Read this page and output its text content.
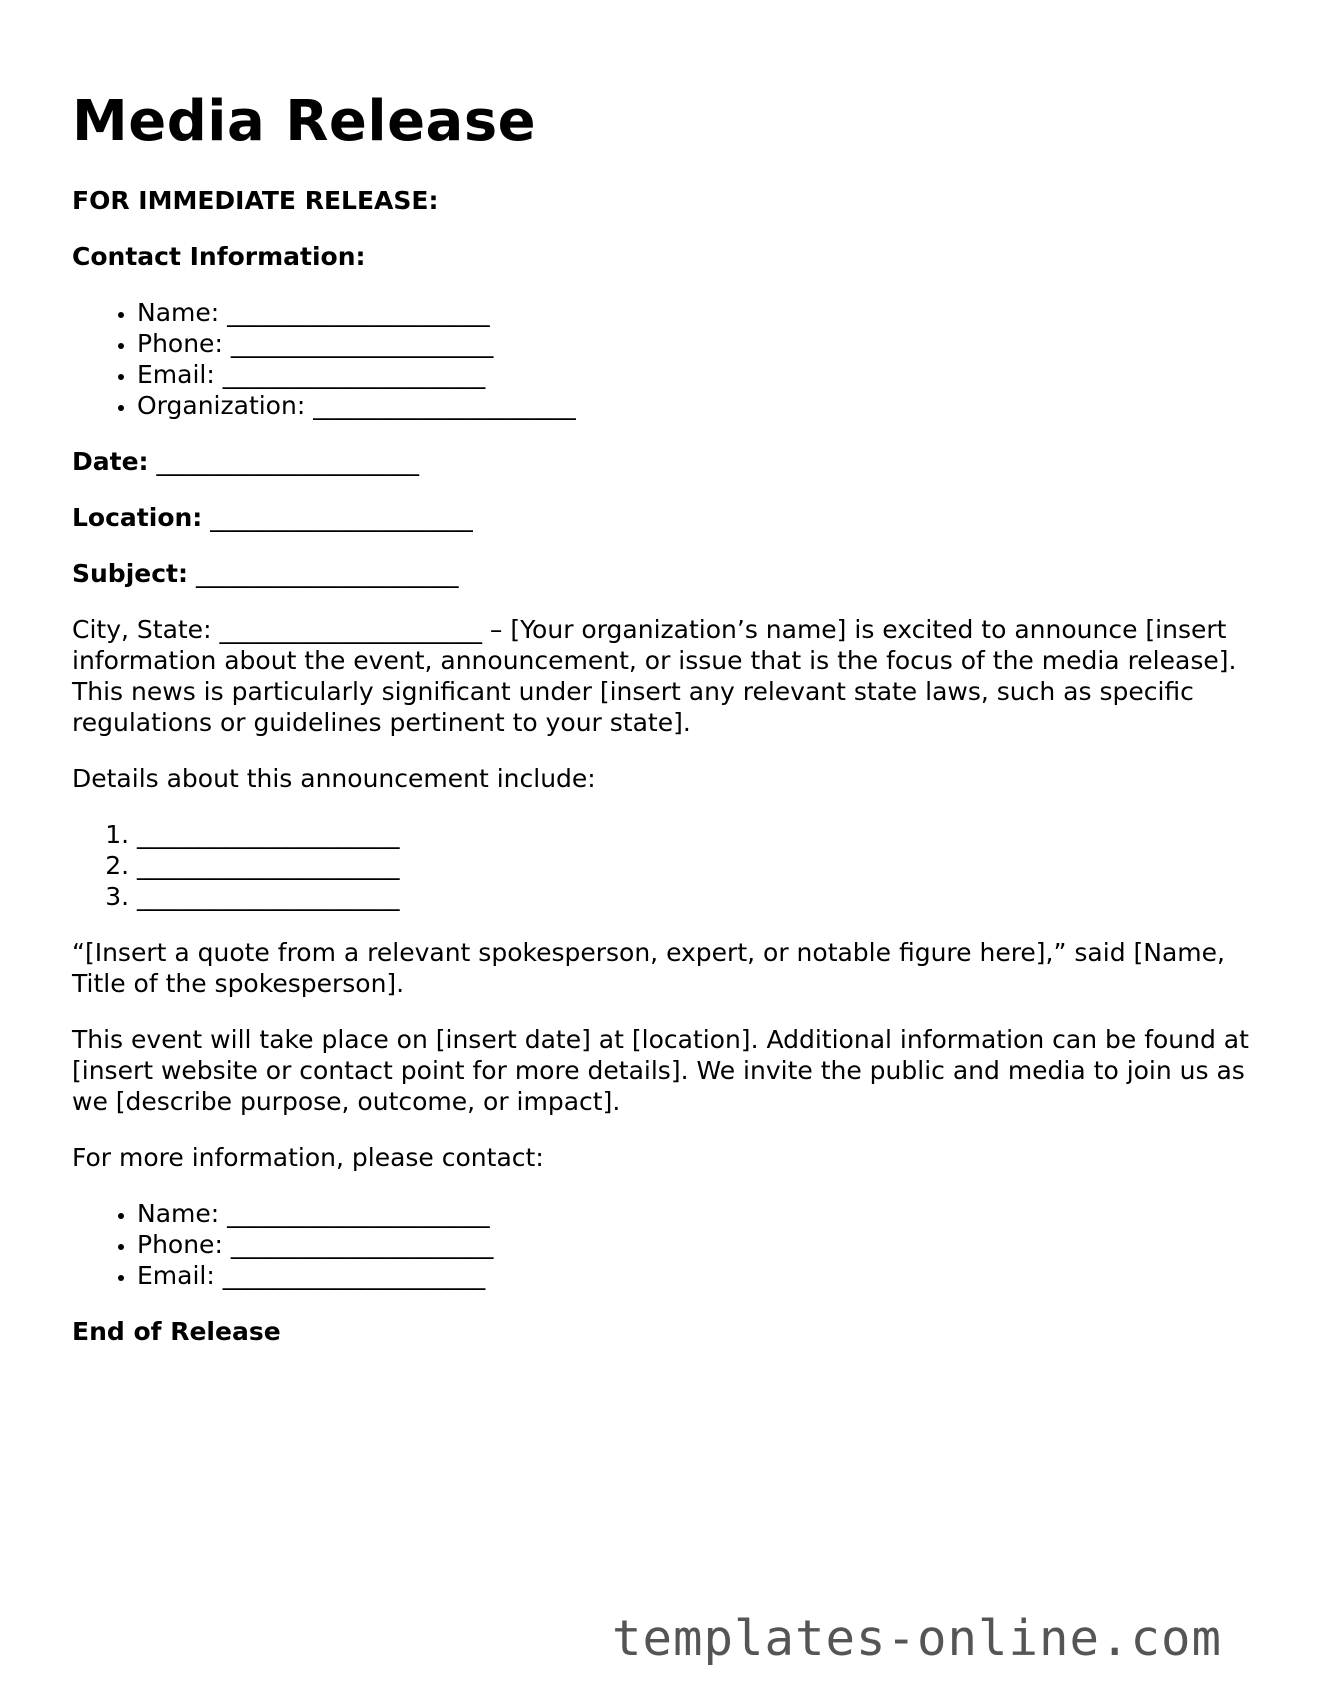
Media Release

FOR IMMEDIATE RELEASE:

Contact Information:

• Name: _____________________
• Phone: _____________________
• Email: _____________________
• Organization: _____________________

Date: _____________________

Location: _____________________

Subject: _____________________

City, State: _____________________ – [Your organization’s name] is excited to announce [insert information about the event, announcement, or issue that is the focus of the media release]. This news is particularly significant under [insert any relevant state laws, such as specific regulations or guidelines pertinent to your state].

Details about this announcement include:

1. _____________________
2. _____________________
3. _____________________

“[Insert a quote from a relevant spokesperson, expert, or notable figure here],” said [Name, Title of the spokesperson].

This event will take place on [insert date] at [location]. Additional information can be found at [insert website or contact point for more details]. We invite the public and media to join us as we [describe purpose, outcome, or impact].

For more information, please contact:

• Name: _____________________
• Phone: _____________________
• Email: _____________________

End of Release

templates-online.com
